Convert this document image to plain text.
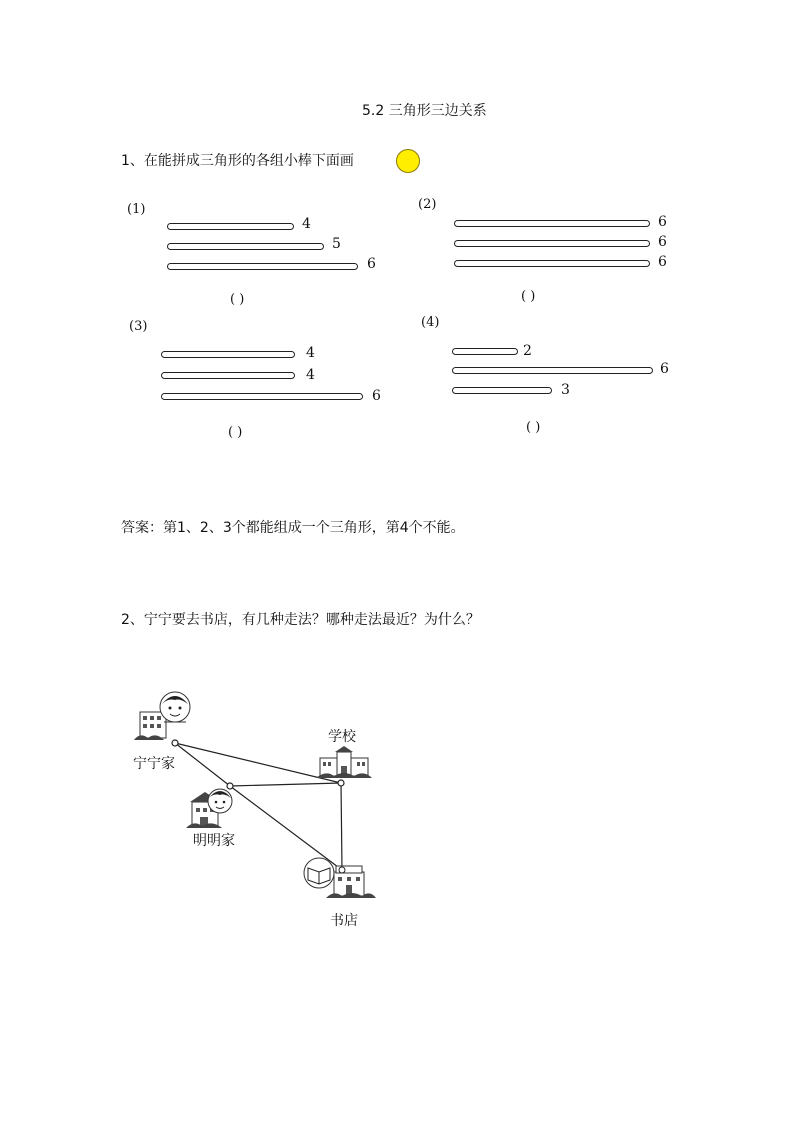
5.2 三角形三边关系
1、在能拼成三角形的各组小棒下面画
(1)
4
5
6
( )
(2)
6
6
6
( )
(3)
4
4
6
( )
(4)
2
6
3
( )
答案：第1、2、3个都能组成一个三角形，第4个不能。
2、宁宁要去书店，有几种走法？哪种走法最近？为什么？
宁宁家
学校
明明家
书店
